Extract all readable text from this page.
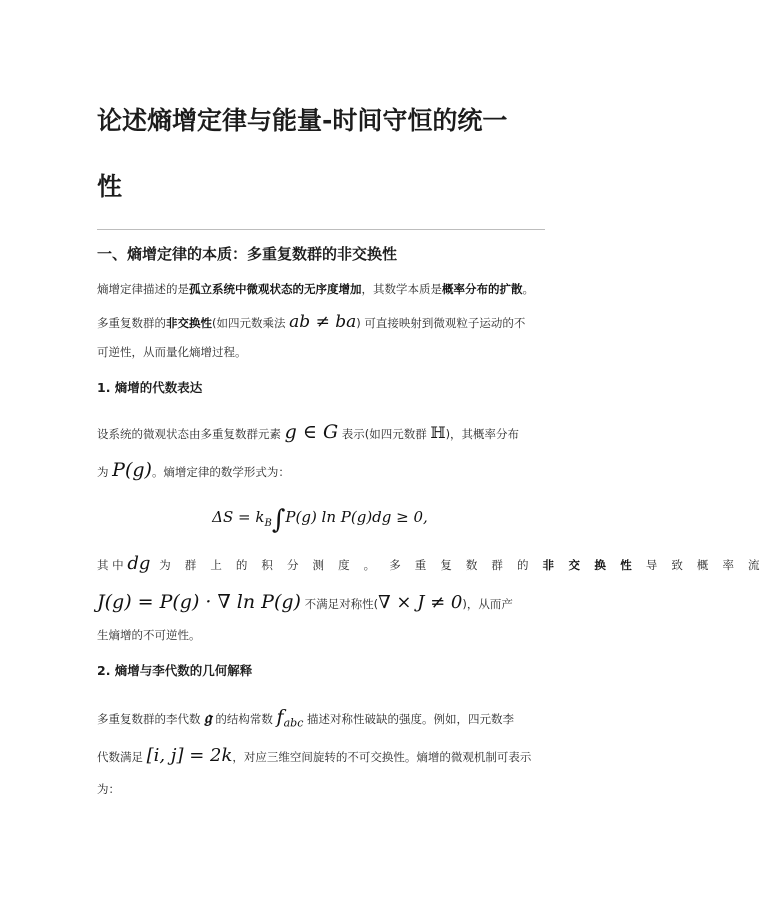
论述熵增定律与能量-时间守恒的统一
性
一、熵增定律的本质：多重复数群的非交换性
熵增定律描述的是孤立系统中微观状态的无序度增加，其数学本质是概率分布的扩散。
多重复数群的非交换性(如四元数乘法 ab ≠ ba) 可直接映射到微观粒子运动的不
可逆性，从而量化熵增过程。
1. 熵增的代数表达
设系统的微观状态由多重复数群元素 g ∈ G 表示(如四元数群 ℍ)，其概率分布
为 P(g)。熵增定律的数学形式为：
$\Delta S = k_B\int P(g)$ ln P(g)dg ≥ 0,
其 中 dg 为 群 上 的 积 分 测 度 。 多 重 复 数 群 的 非 交 换 性 导 致 概 率 流
J(g) = P(g) · ∇ ln P(g) 不满足对称性(∇ × J ≠ 0)，从而产
生熵增的不可逆性。
2. 熵增与李代数的几何解释
多重复数群的李代数 𝔤 的结构常数 $f_{abc}$ 描述对称性破缺的强度。例如，四元数李
代数满足 [i, j] = 2k，对应三维空间旋转的不可交换性。熵增的微观机制可表示
为：
